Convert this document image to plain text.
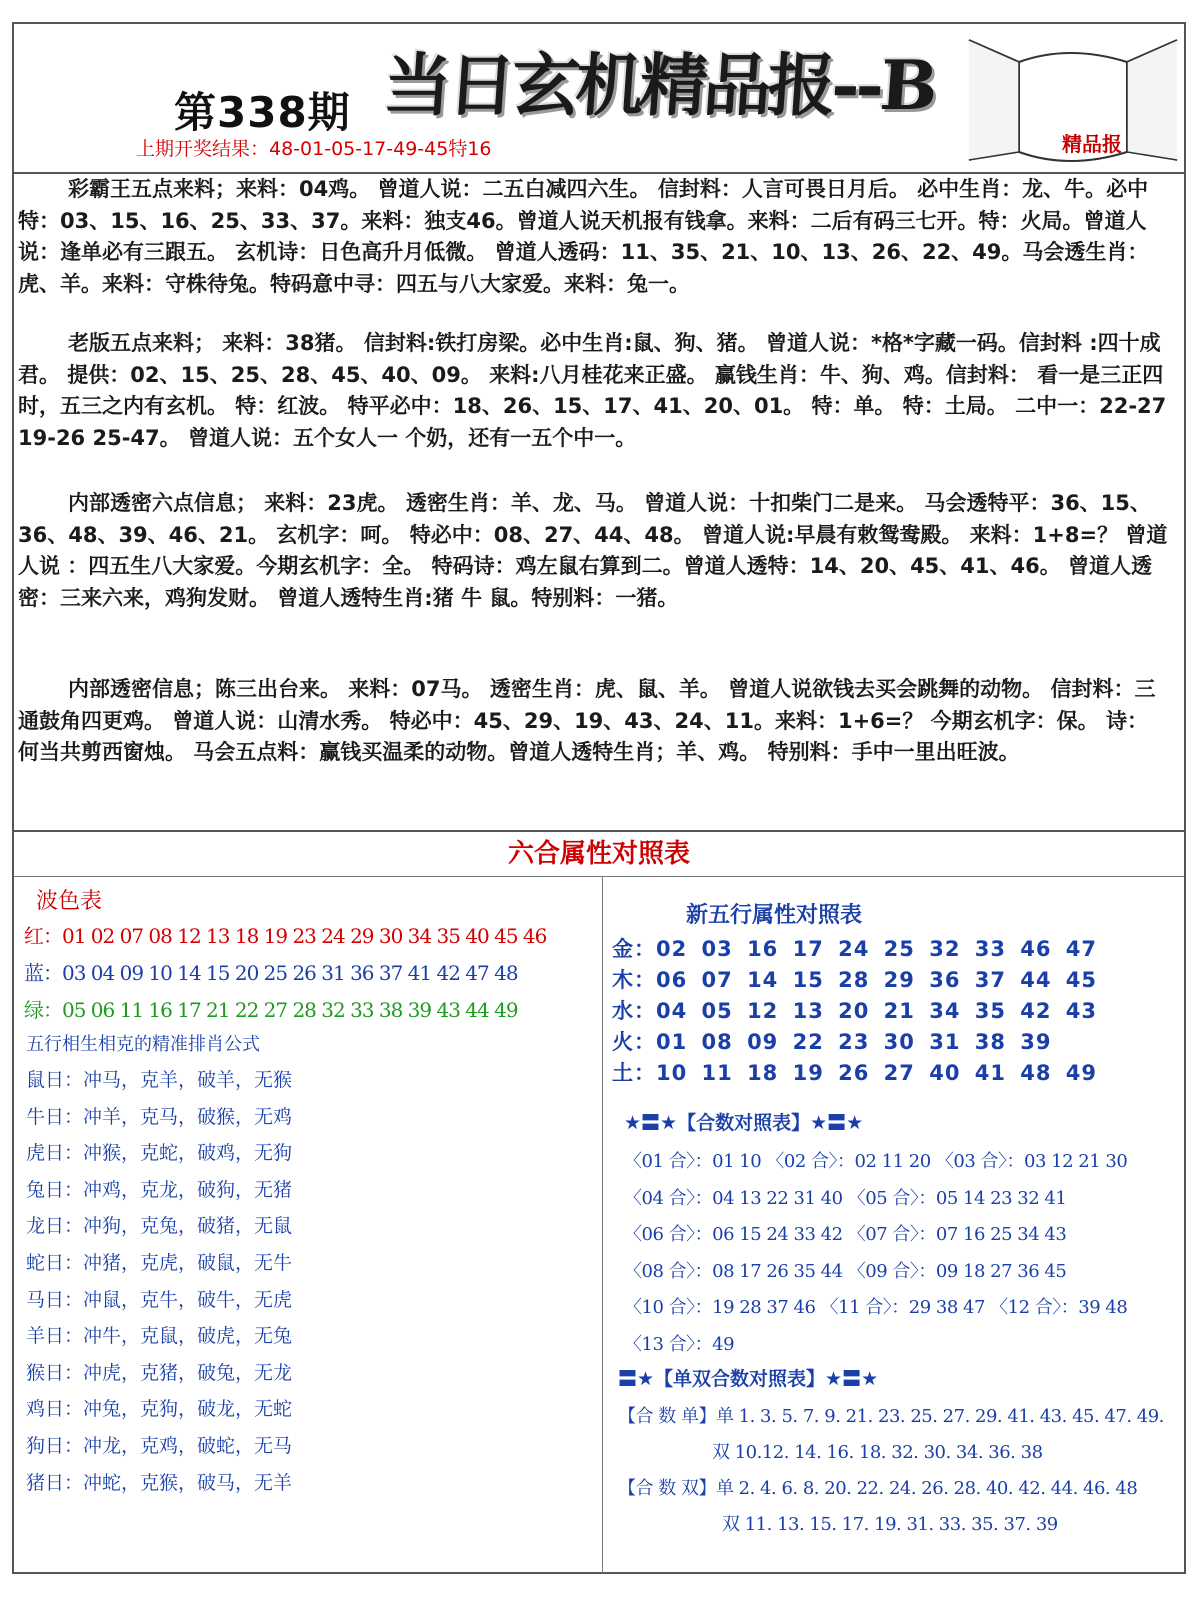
当日玄机精品报--B
精品报
第338期
上期开奖结果：48-01-05-17-49-45特16
彩霸王五点来料；来料：04鸡。 曾道人说：二五白减四六生。 信封料：人言可畏日月后。 必中生肖：龙、牛。必中特：03、15、16、25、33、37。来料：独支46。曾道人说天机报有钱拿。来料：二后有码三七开。特：火局。曾道人说：逢单必有三跟五。 玄机诗：日色高升月低微。 曾道人透码：11、35、21、10、13、26、22、49。马会透生肖：虎、羊。来料：守株待兔。特码意中寻：四五与八大家爱。来料：兔一。
老版五点来料； 来料：38猪。 信封料:铁打房梁。必中生肖:鼠、狗、猪。 曾道人说：*格*字藏一码。信封料 :四十成君。 提供：02、15、25、28、45、40、09。 来料:八月桂花来正盛。 赢钱生肖：牛、狗、鸡。信封料： 看一是三正四时，五三之内有玄机。 特：红波。 特平必中：18、26、15、17、41、20、01。 特：单。 特：土局。 二中一：22-27 19-26 25-47。 曾道人说：五个女人一 个奶，还有一五个中一。
内部透密六点信息； 来料：23虎。 透密生肖：羊、龙、马。 曾道人说：十扣柴门二是来。 马会透特平：36、15、36、48、39、46、21。 玄机字：呵。 特必中：08、27、44、48。 曾道人说:早晨有敕鸳鸯殿。 来料：1+8=？ 曾道人说 ：四五生八大家爱。今期玄机字：全。 特码诗：鸡左鼠右算到二。曾道人透特：14、20、45、41、46。 曾道人透密：三来六来，鸡狗发财。 曾道人透特生肖:猪 牛 鼠。特别料：一猪。
内部透密信息；陈三出台来。 来料：07马。 透密生肖：虎、鼠、羊。 曾道人说欲钱去买会跳舞的动物。 信封料：三通鼓角四更鸡。 曾道人说：山清水秀。 特必中：45、29、19、43、24、11。来料：1+6=？ 今期玄机字：保。 诗：何当共剪西窗烛。 马会五点料：赢钱买温柔的动物。曾道人透特生肖；羊、鸡。 特别料：手中一里出旺波。
六合属性对照表
波色表
红：01 02 07 08 12 13 18 19 23 24 29 30 34 35 40 45 46
蓝：03 04 09 10 14 15 20 25 26 31 36 37 41 42 47 48
绿：05 06 11 16 17 21 22 27 28 32 33 38 39 43 44 49
五行相生相克的精准排肖公式
鼠日：冲马，克羊，破羊，无猴
牛日：冲羊，克马，破猴，无鸡
虎日：冲猴，克蛇，破鸡，无狗
兔日：冲鸡，克龙，破狗，无猪
龙日：冲狗，克兔，破猪，无鼠
蛇日：冲猪，克虎，破鼠，无牛
马日：冲鼠，克牛，破牛，无虎
羊日：冲牛，克鼠，破虎，无兔
猴日：冲虎，克猪，破兔，无龙
鸡日：冲兔，克狗，破龙，无蛇
狗日：冲龙，克鸡，破蛇，无马
猪日：冲蛇，克猴，破马，无羊
新五行属性对照表
金：02 03 16 17 24 25 32 33 46 47
木：06 07 14 15 28 29 36 37 44 45
水：04 05 12 13 20 21 34 35 42 43
火：01 08 09 22 23 30 31 38 39
土：10 11 18 19 26 27 40 41 48 49
★〓★【合数对照表】★〓★
〈01 合〉：01 10 〈02 合〉：02 11 20 〈03 合〉：03 12 21 30
〈04 合〉：04 13 22 31 40 〈05 合〉：05 14 23 32 41
〈06 合〉：06 15 24 33 42 〈07 合〉：07 16 25 34 43
〈08 合〉：08 17 26 35 44 〈09 合〉：09 18 27 36 45
〈10 合〉：19 28 37 46 〈11 合〉：29 38 47 〈12 合〉：39 48
〈13 合〉：49
〓★【单双合数对照表】★〓★
【合 数 单】单 1. 3. 5. 7. 9. 21. 23. 25. 27. 29. 41. 43. 45. 47. 49.
双 10.12. 14. 16. 18. 32. 30. 34. 36. 38
【合 数 双】单 2. 4. 6. 8. 20. 22. 24. 26. 28. 40. 42. 44. 46. 48
双 11. 13. 15. 17. 19. 31. 33. 35. 37. 39
